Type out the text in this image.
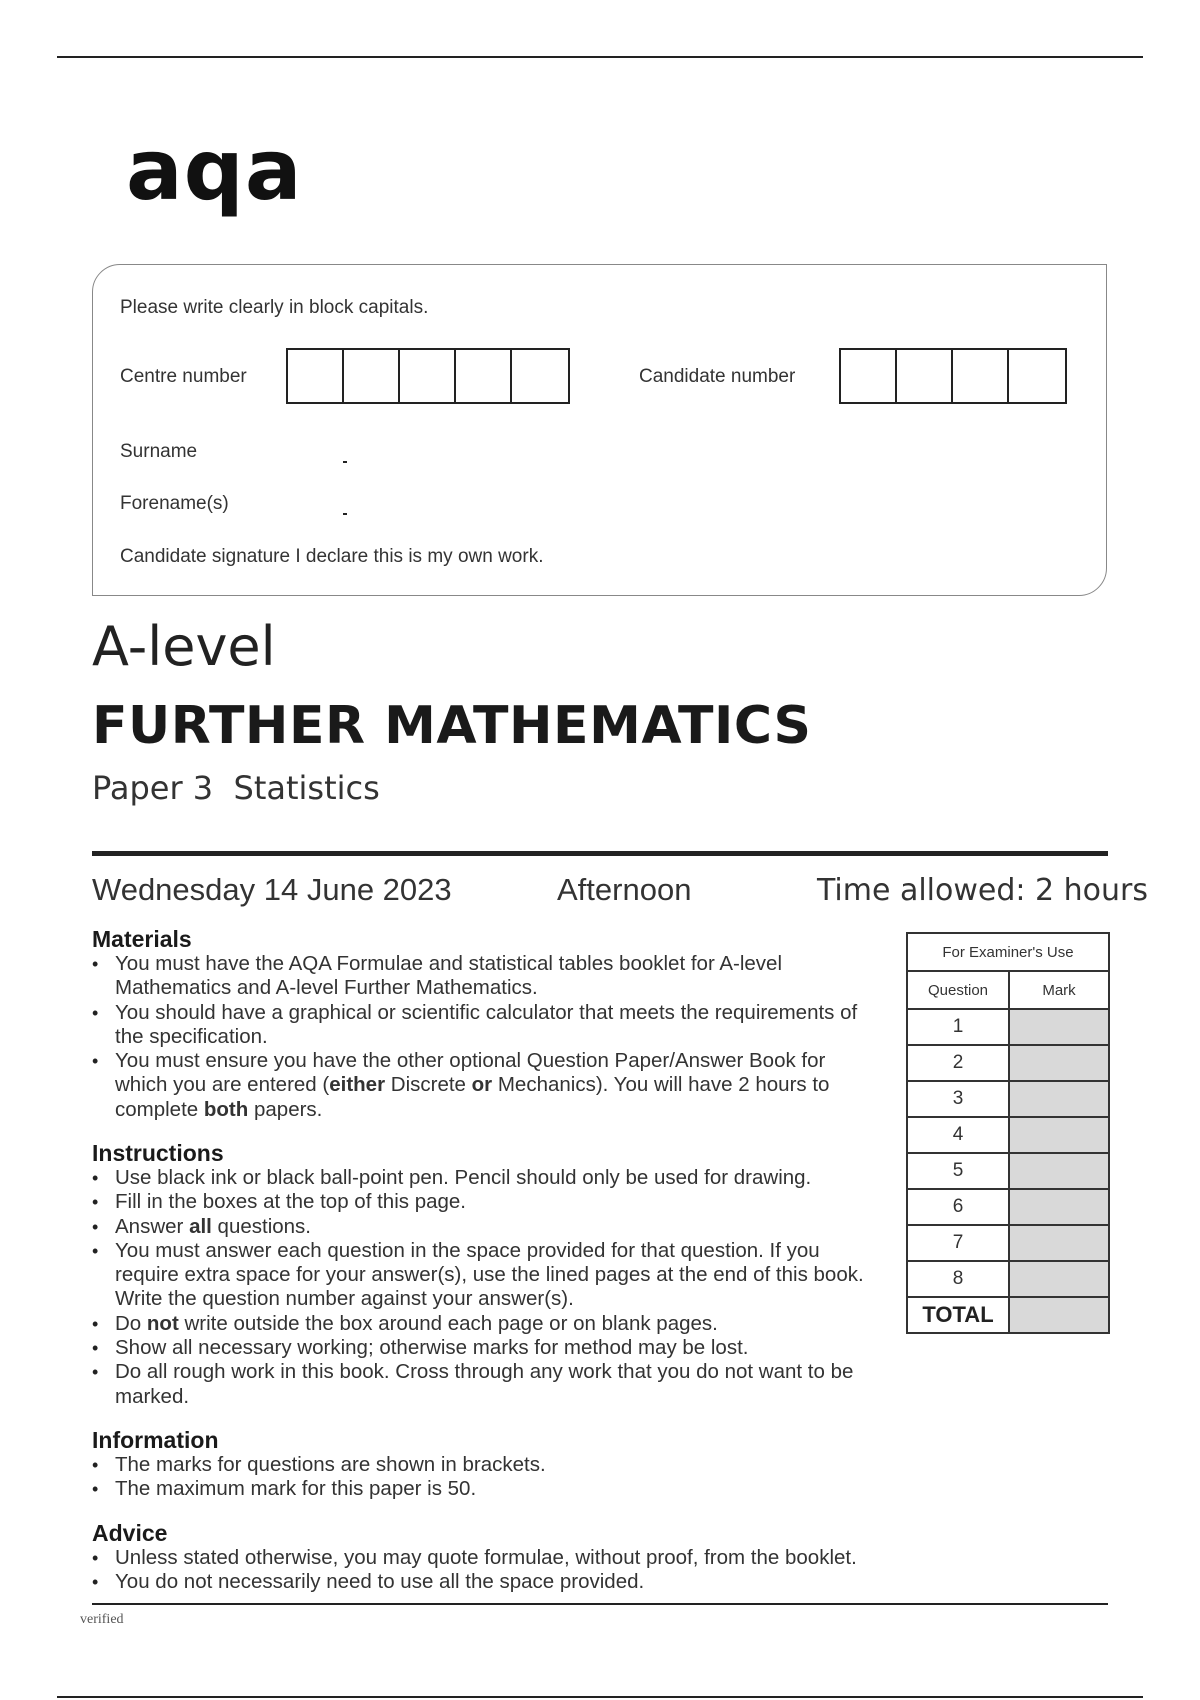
aqa
Please write clearly in block capitals.
Centre number	Candidate number
Surname
Forename(s)
Candidate signature I declare this is my own work.
A-level
FURTHER MATHEMATICS
Paper 3  Statistics
Wednesday 14 June 2023	Afternoon	Time allowed: 2 hours
Materials
• You must have the AQA Formulae and statistical tables booklet for A-level Mathematics and A-level Further Mathematics.
• You should have a graphical or scientific calculator that meets the requirements of the specification.
• You must ensure you have the other optional Question Paper/Answer Book for which you are entered (either Discrete or Mechanics). You will have 2 hours to complete both papers.
Instructions
• Use black ink or black ball-point pen. Pencil should only be used for drawing.
• Fill in the boxes at the top of this page.
• Answer all questions.
• You must answer each question in the space provided for that question. If you require extra space for your answer(s), use the lined pages at the end of this book. Write the question number against your answer(s).
• Do not write outside the box around each page or on blank pages.
• Show all necessary working; otherwise marks for method may be lost.
• Do all rough work in this book. Cross through any work that you do not want to be marked.
Information
• The marks for questions are shown in brackets.
• The maximum mark for this paper is 50.
Advice
• Unless stated otherwise, you may quote formulae, without proof, from the booklet.
• You do not necessarily need to use all the space provided.
For Examiner's Use	
Question	Mark
1	
2	
3	
4	
5	
6	
7	
8	
TOTAL	
verified
